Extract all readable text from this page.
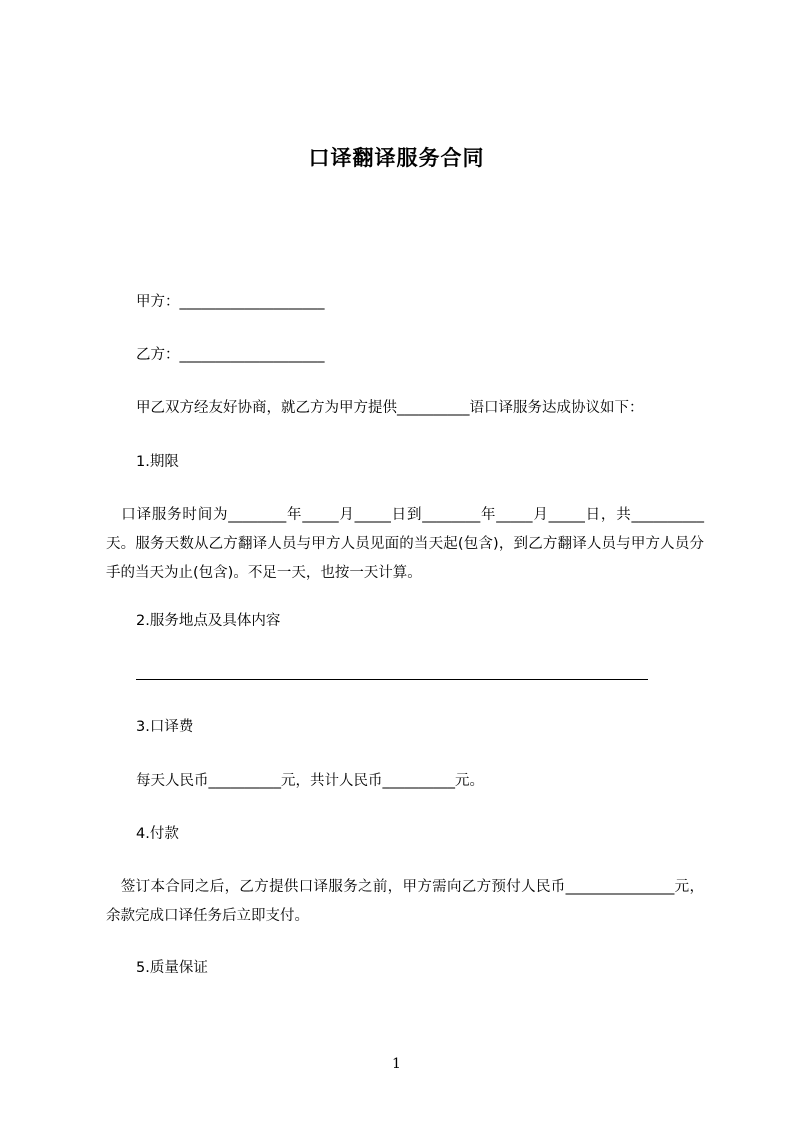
口译翻译服务合同
甲方：____________________
乙方：____________________
甲乙双方经友好协商，就乙方为甲方提供__________语口译服务达成协议如下：
1.期限
　口译服务时间为________年_____月_____日到________年_____月_____日，共__________天。服务天数从乙方翻译人员与甲方人员见面的当天起(包含)，到乙方翻译人员与甲方人员分手的当天为止(包含)。不足一天，也按一天计算。
2.服务地点及具体内容
3.口译费
每天人民币__________元，共计人民币__________元。
4.付款
　签订本合同之后，乙方提供口译服务之前，甲方需向乙方预付人民币_______________元，余款完成口译任务后立即支付。
5.质量保证
1
